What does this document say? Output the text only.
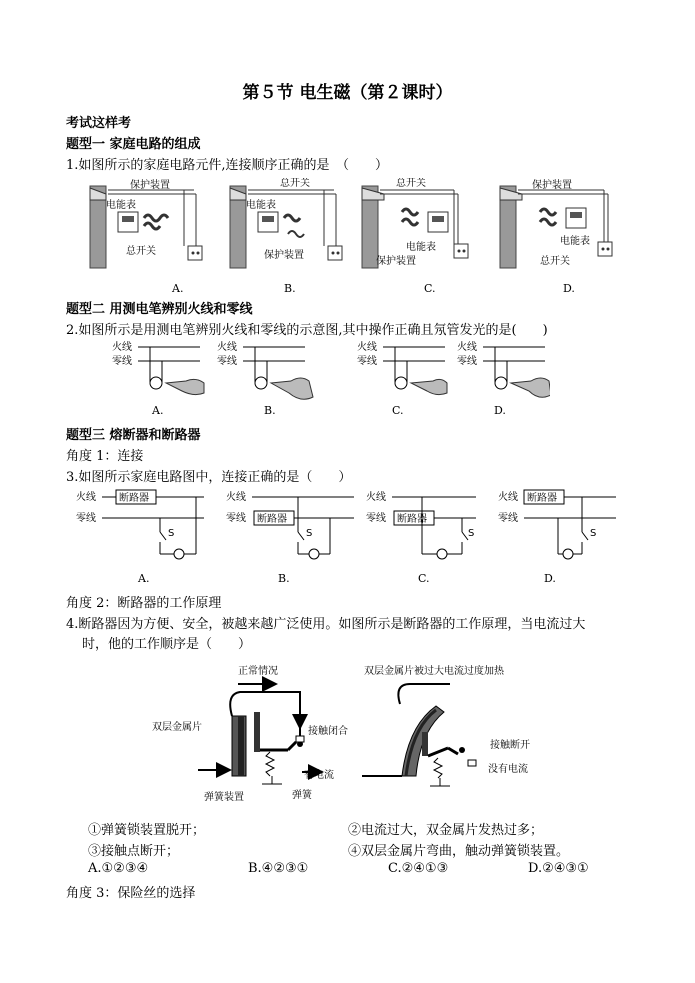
第５节 电生磁（第２课时）
考试这样考
题型一 家庭电路的组成
1.如图所示的家庭电路元件,连接顺序正确的是　（　　）
保护装置
电能表
总开关
总开关
电能表
保护装置
总开关
电能表
保护装置
保护装置
电能表
总开关
A.	B.	C.	D.
题型二 用测电笔辨别火线和零线
2.如图所示是用测电笔辨别火线和零线的示意图,其中操作正确且氖管发光的是(　　)
火线
零线
火线
零线
火线
零线
火线
零线
A.	B.	C.	D.
题型三 熔断器和断路器
角度 1：连接
3.如图所示家庭电路图中，连接正确的是（　　）
火线
零线
断路器
S
火线
零线 断路器
S
火线
零线 断路器
S
火线
零线
断路器
S
A.	B.	C.	D.
角度 2：断路器的工作原理
4.断路器因为方便、安全，被越来越广泛使用。如图所示是断路器的工作原理，当电流过大
时，他的工作顺序是（　　）
正常情况
双层金属片	接触闭合
有电流
弹簧装置	弹簧
双层金属片被过大电流过度加热
接触断开
没有电流
①弹簧锁装置脱开；	②电流过大，双金属片发热过多；
③接触点断开；	④双层金属片弯曲，触动弹簧锁装置。
A.①②③④	B.④②③①	C.②④①③	D.②④③①
角度 3：保险丝的选择
